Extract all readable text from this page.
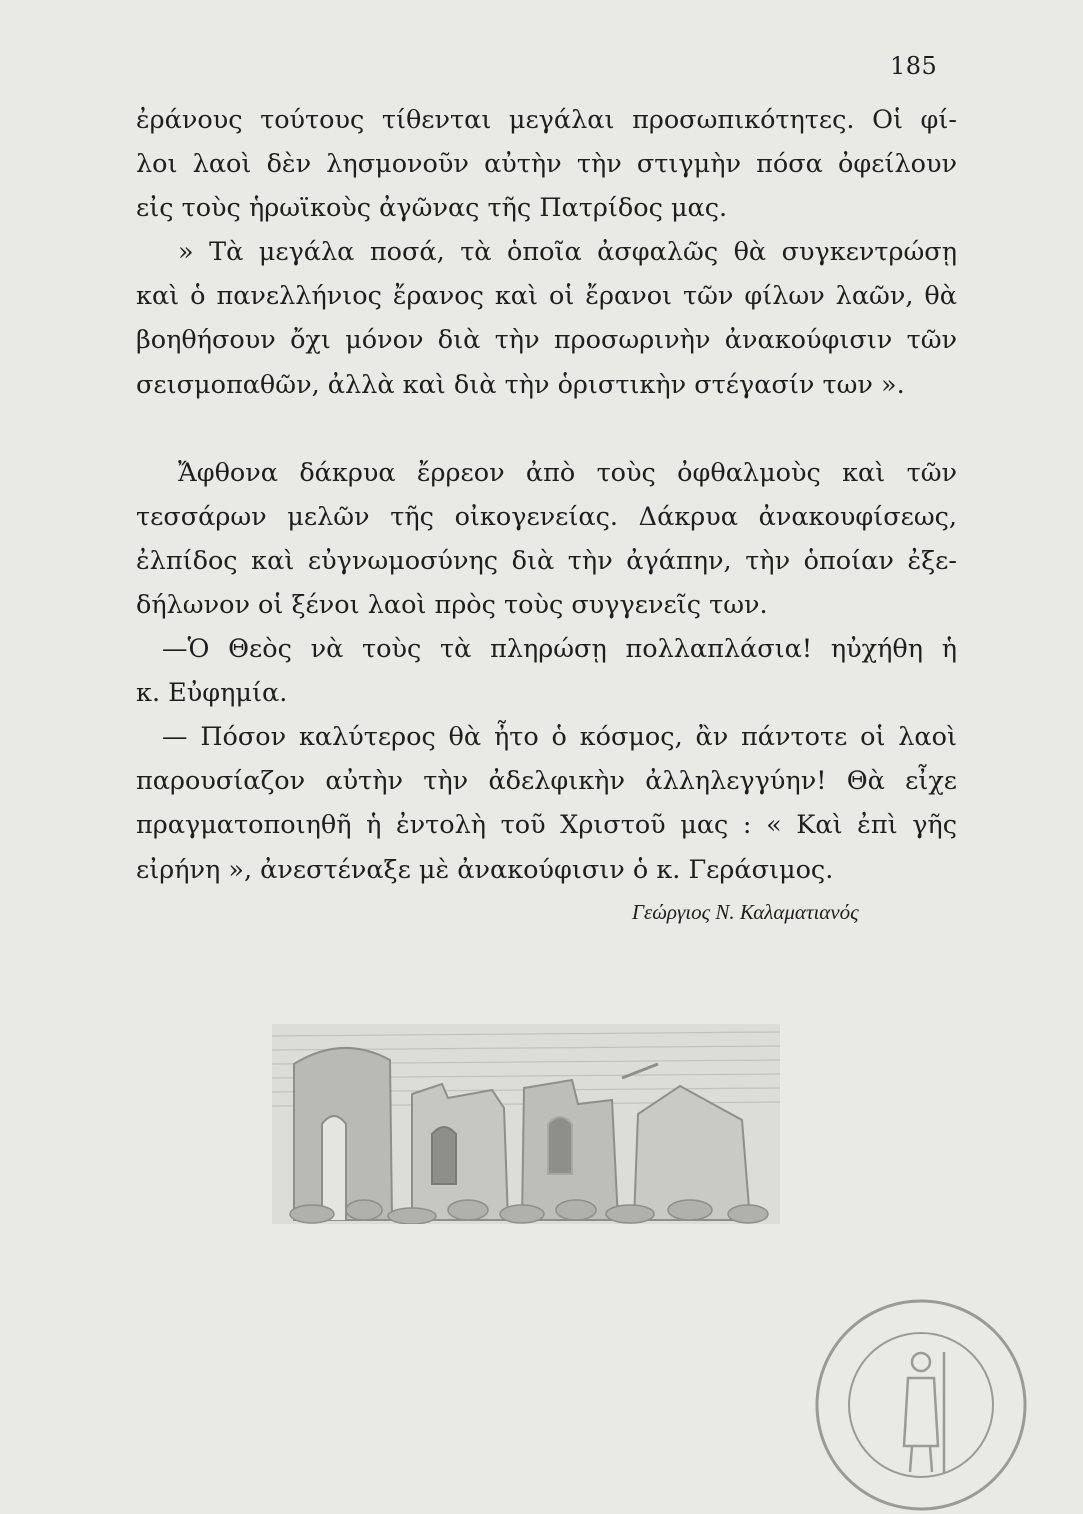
185
ἐράνους τούτους τίθενται μεγάλαι προσωπικότητες. Οἱ φί-
λοι λαοὶ δὲν λησμονοῦν αὐτὴν τὴν στιγμὴν πόσα ὀφείλουν
εἰς τοὺς ἡρωϊκοὺς ἀγῶνας τῆς Πατρίδος μας.
» Τὰ μεγάλα ποσά, τὰ ὁποῖα ἀσφαλῶς θὰ συγκεντρώσῃ
καὶ ὁ πανελλήνιος ἔρανος καὶ οἱ ἔρανοι τῶν φίλων λαῶν, θὰ
βοηθήσουν ὄχι μόνον διὰ τὴν προσωρινὴν ἀνακούφισιν τῶν
σεισμοπαθῶν, ἀλλὰ καὶ διὰ τὴν ὁριστικὴν στέγασίν των ».
Ἄφθονα δάκρυα ἔρρεον ἀπὸ τοὺς ὀφθαλμοὺς καὶ τῶν
τεσσάρων μελῶν τῆς οἰκογενείας. Δάκρυα ἀνακουφίσεως,
ἐλπίδος καὶ εὐγνωμοσύνης διὰ τὴν ἀγάπην, τὴν ὁποίαν ἐξε-
δήλωνον οἱ ξένοι λαοὶ πρὸς τοὺς συγγενεῖς των.
—Ὁ Θεὸς νὰ τοὺς τὰ πληρώσῃ πολλαπλάσια! ηὐχήθη ἡ
κ. Εὐφημία.
— Πόσον καλύτερος θὰ ἦτο ὁ κόσμος, ἂν πάντοτε οἱ λαοὶ
παρουσίαζον αὐτὴν τὴν ἀδελφικὴν ἀλληλεγγύην! Θὰ εἶχε
πραγματοποιηθῆ ἡ ἐντολὴ τοῦ Χριστοῦ μας : « Καὶ ἐπὶ γῆς
εἰρήνη », ἀνεστέναξε μὲ ἀνακούφισιν ὁ κ. Γεράσιμος.
Γεώργιος Ν. Καλαματιανός
